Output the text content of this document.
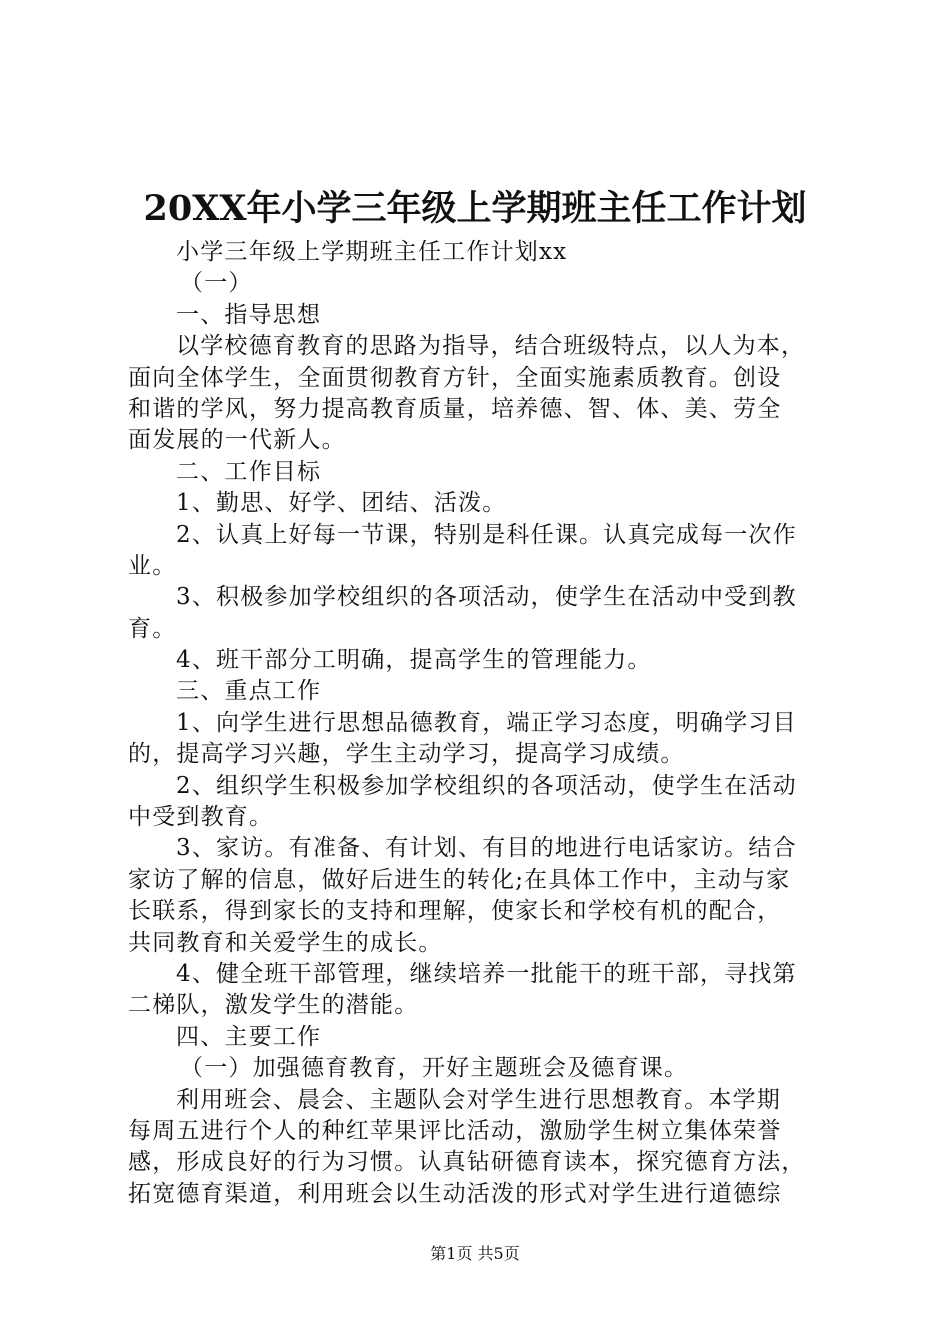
20XX年小学三年级上学期班主任工作计划
小学三年级上学期班主任工作计划xx
（一）
一、指导思想
以学校德育教育的思路为指导，结合班级特点，以人为本，
面向全体学生，全面贯彻教育方针，全面实施素质教育。创设
和谐的学风，努力提高教育质量，培养德、智、体、美、劳全
面发展的一代新人。
二、工作目标
1、勤思、好学、团结、活泼。
2、认真上好每一节课，特别是科任课。认真完成每一次作
业。
3、积极参加学校组织的各项活动，使学生在活动中受到教
育。
4、班干部分工明确，提高学生的管理能力。
三、重点工作
1、向学生进行思想品德教育，端正学习态度，明确学习目
的，提高学习兴趣，学生主动学习，提高学习成绩。
2、组织学生积极参加学校组织的各项活动，使学生在活动
中受到教育。
3、家访。有准备、有计划、有目的地进行电话家访。结合
家访了解的信息，做好后进生的转化;在具体工作中，主动与家
长联系，得到家长的支持和理解，使家长和学校有机的配合，
共同教育和关爱学生的成长。
4、健全班干部管理，继续培养一批能干的班干部，寻找第
二梯队，激发学生的潜能。
四、主要工作
（一）加强德育教育，开好主题班会及德育课。
利用班会、晨会、主题队会对学生进行思想教育。本学期
每周五进行个人的种红苹果评比活动，激励学生树立集体荣誉
感，形成良好的行为习惯。认真钻研德育读本，探究德育方法，
拓宽德育渠道，利用班会以生动活泼的形式对学生进行道德综
第1页 共5页
